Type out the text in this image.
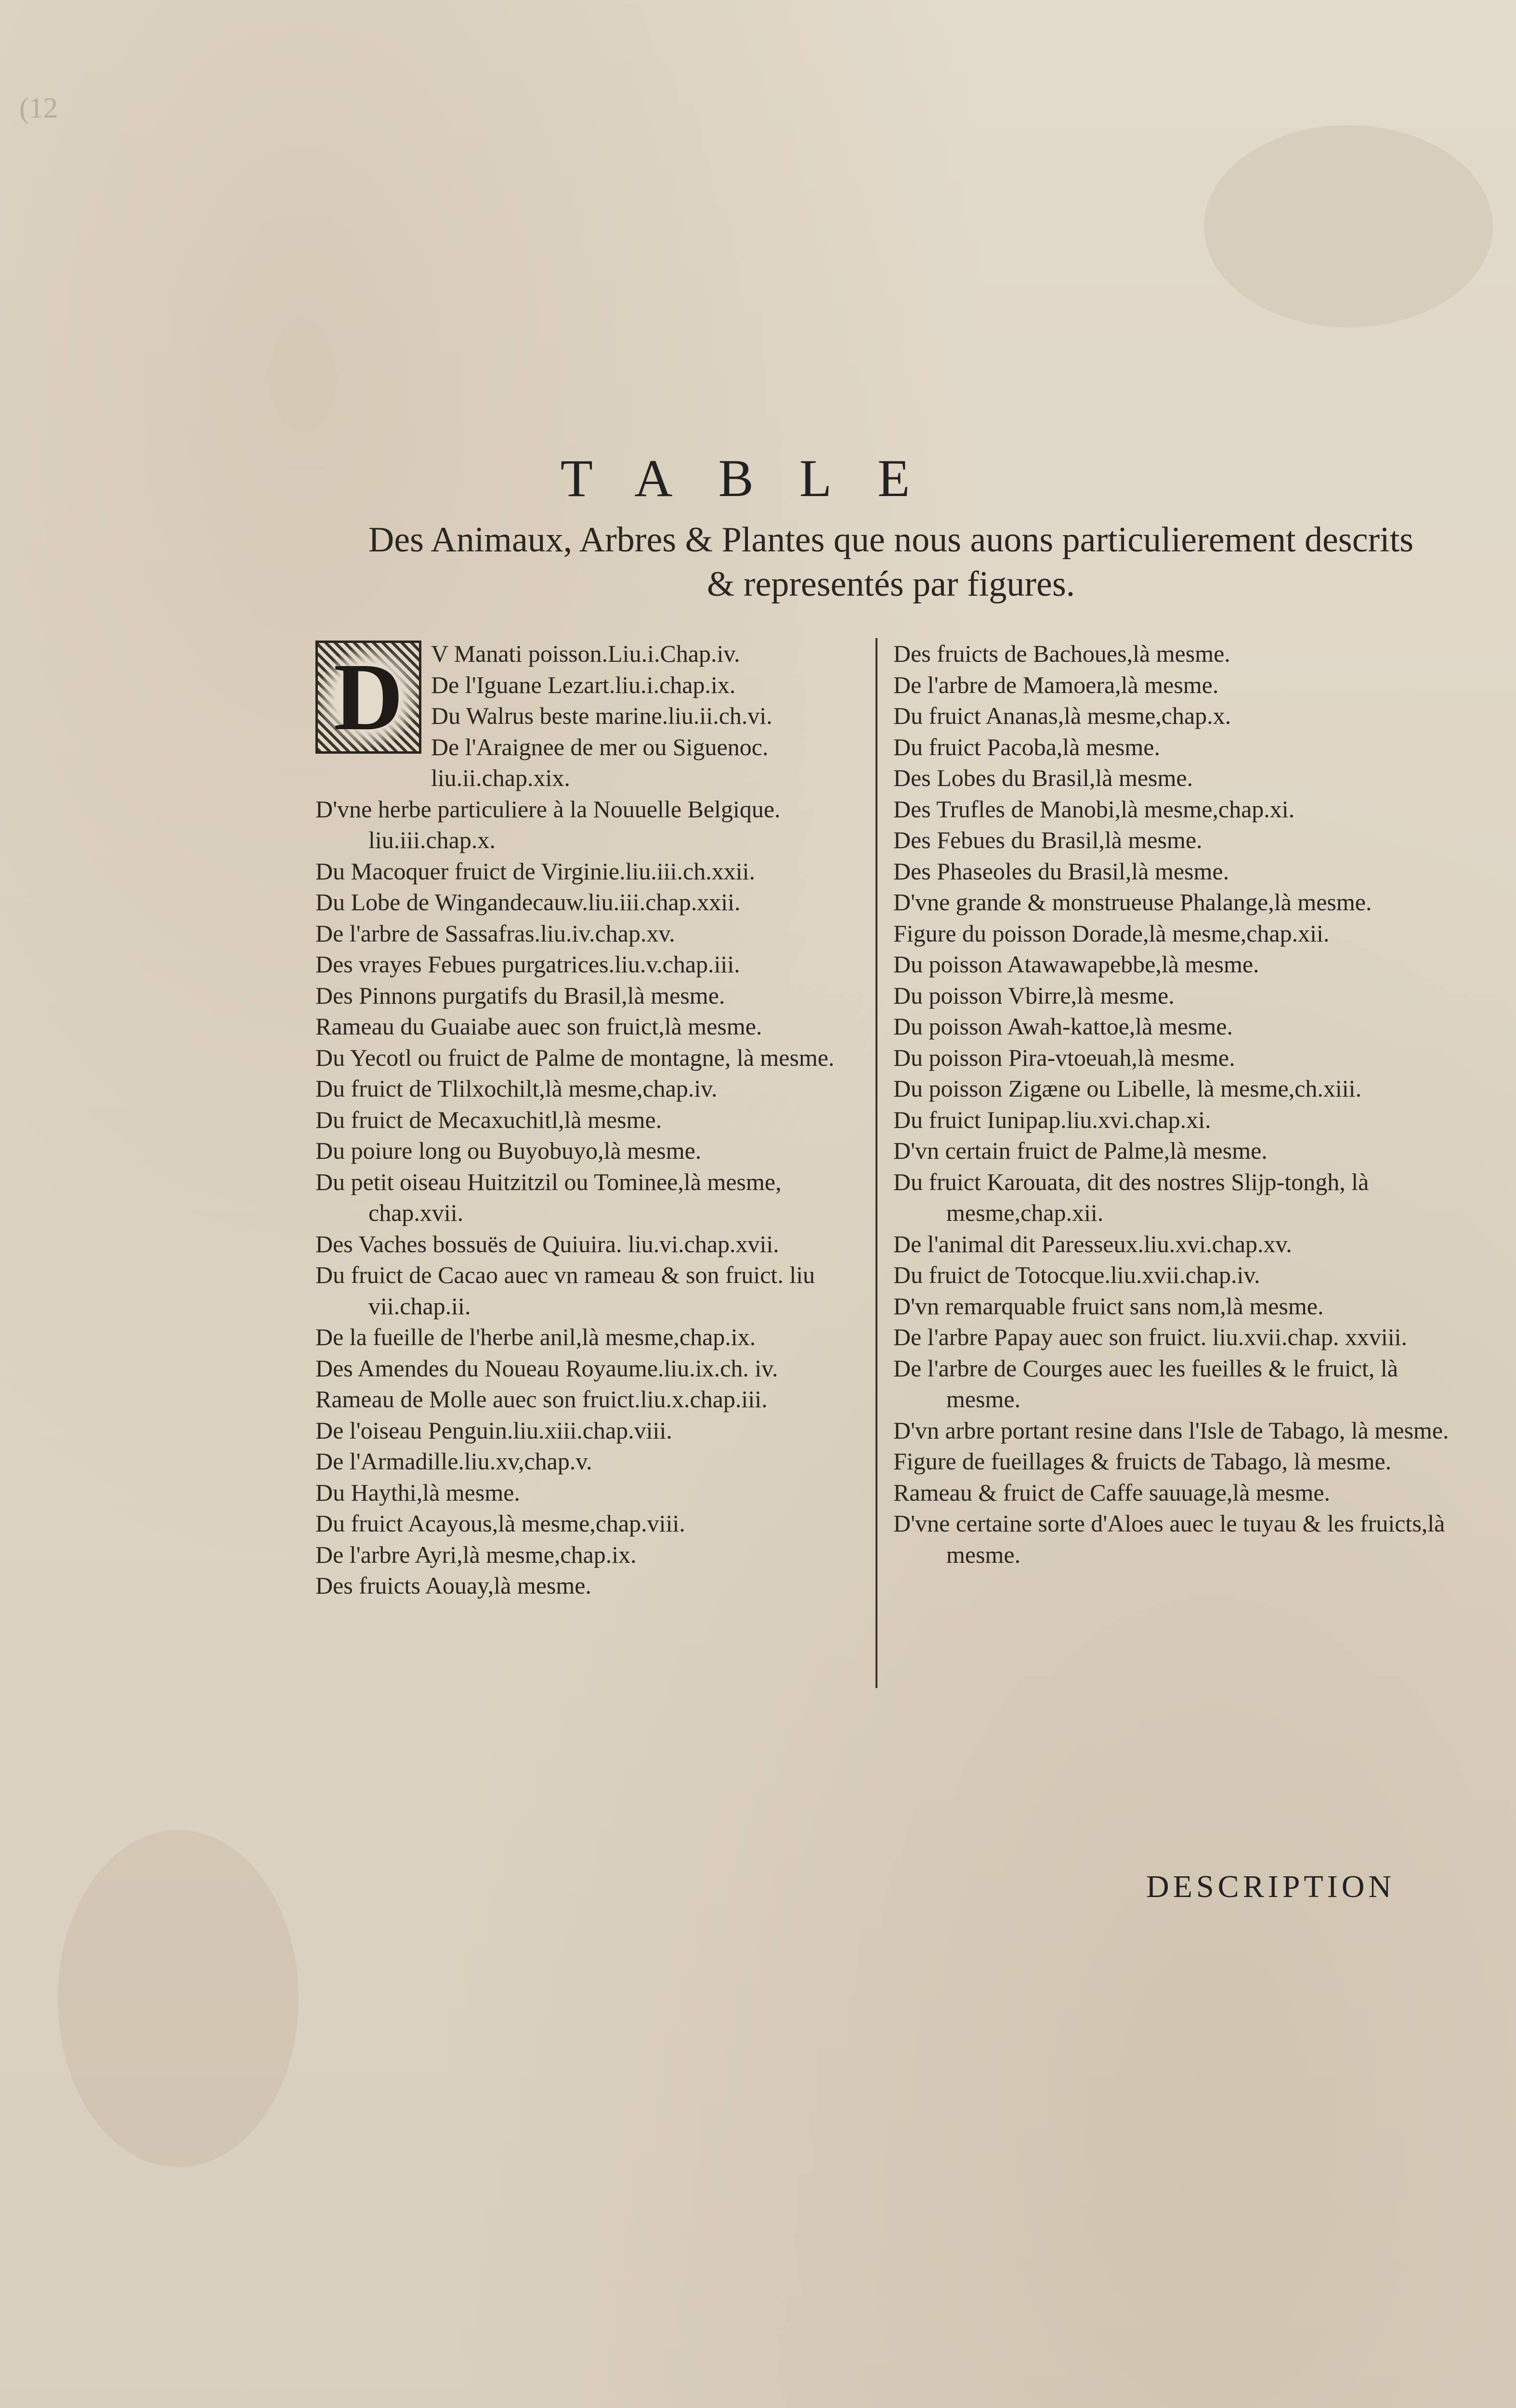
(12
TABLE
Des Animaux, Arbres & Plantes que nous auons particulierement descrits & representés par figures.
D	V Manati poisson.Liu.i.Chap.iv.
De l'Iguane Lezart.liu.i.chap.ix.
Du Walrus beste marine.liu.ii.ch.vi.
De l'Araignee de mer ou Siguenoc. liu.ii.chap.xix.
D'vne herbe particuliere à la Nouuelle Belgique. liu.iii.chap.x.
Du Macoquer fruict de Virginie.liu.iii.ch.xxii.
Du Lobe de Wingandecauw.liu.iii.chap.xxii.
De l'arbre de Sassafras.liu.iv.chap.xv.
Des vrayes Febues purgatrices.liu.v.chap.iii.
Des Pinnons purgatifs du Brasil,là mesme.
Rameau du Guaiabe auec son fruict,là mesme.
Du Yecotl ou fruict de Palme de montagne, là mesme.
Du fruict de Tlilxochilt,là mesme,chap.iv.
Du fruict de Mecaxuchitl,là mesme.
Du poiure long ou Buyobuyo,là mesme.
Du petit oiseau Huitzitzil ou Tominee,là mesme, chap.xvii.
Des Vaches bossuës de Quiuira. liu.vi.chap.xvii.
Du fruict de Cacao auec vn rameau & son fruict. liu vii.chap.ii.
De la fueille de l'herbe anil,là mesme,chap.ix.
Des Amendes du Noueau Royaume.liu.ix.ch. iv.
Rameau de Molle auec son fruict.liu.x.chap.iii.
De l'oiseau Penguin.liu.xiii.chap.viii.
De l'Armadille.liu.xv,chap.v.
Du Haythi,là mesme.
Du fruict Acayous,là mesme,chap.viii.
De l'arbre Ayri,là mesme,chap.ix.
Des fruicts Aouay,là mesme.
Des fruicts de Bachoues,là mesme.
De l'arbre de Mamoera,là mesme.
Du fruict Ananas,là mesme,chap.x.
Du fruict Pacoba,là mesme.
Des Lobes du Brasil,là mesme.
Des Trufles de Manobi,là mesme,chap.xi.
Des Febues du Brasil,là mesme.
Des Phaseoles du Brasil,là mesme.
D'vne grande & monstrueuse Phalange,là mesme.
Figure du poisson Dorade,là mesme,chap.xii.
Du poisson Atawawapebbe,là mesme.
Du poisson Vbirre,là mesme.
Du poisson Awah-kattoe,là mesme.
Du poisson Pira-vtoeuah,là mesme.
Du poisson Zigæne ou Libelle, là mesme,ch.xiii.
Du fruict Iunipap.liu.xvi.chap.xi.
D'vn certain fruict de Palme,là mesme.
Du fruict Karouata, dit des nostres Slijp-tongh, là mesme,chap.xii.
De l'animal dit Paresseux.liu.xvi.chap.xv.
Du fruict de Totocque.liu.xvii.chap.iv.
D'vn remarquable fruict sans nom,là mesme.
De l'arbre Papay auec son fruict. liu.xvii.chap. xxviii.
De l'arbre de Courges auec les fueilles & le fruict, là mesme.
D'vn arbre portant resine dans l'Isle de Tabago, là mesme.
Figure de fueillages & fruicts de Tabago, là mesme.
Rameau & fruict de Caffe sauuage,là mesme.
D'vne certaine sorte d'Aloes auec le tuyau & les fruicts,là mesme.
DESCRIPTION
